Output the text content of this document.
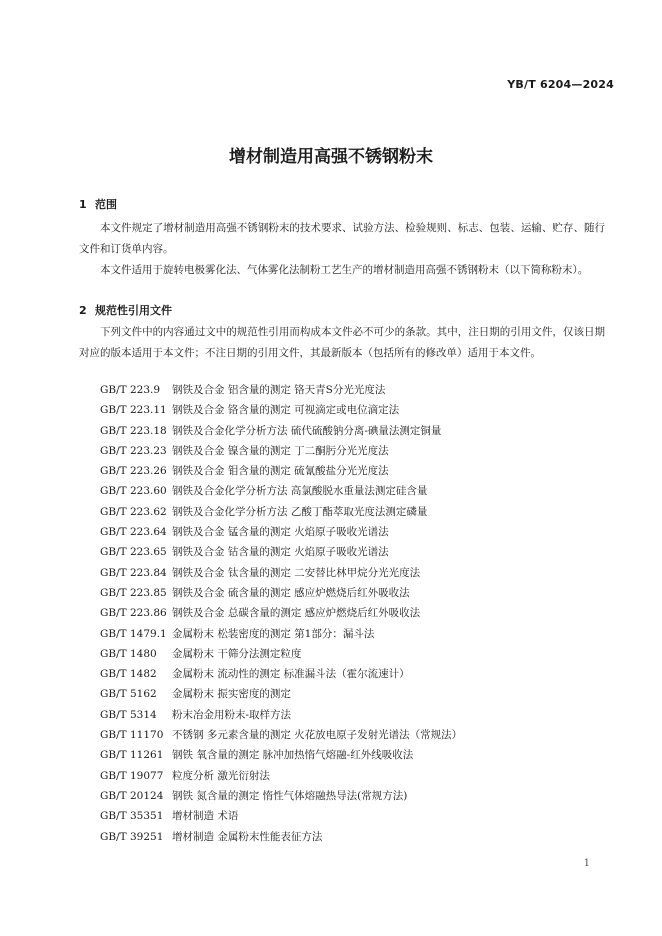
YB/T 6204—2024
增材制造用高强不锈钢粉末
1 范围
本文件规定了增材制造用高强不锈钢粉末的技术要求、试验方法、检验规则、标志、包装、运输、贮存、随行文件和订货单内容。
本文件适用于旋转电极雾化法、气体雾化法制粉工艺生产的增材制造用高强不锈钢粉末（以下简称粉末）。
2 规范性引用文件
下列文件中的内容通过文中的规范性引用而构成本文件必不可少的条款。其中，注日期的引用文件，仅该日期对应的版本适用于本文件；不注日期的引用文件，其最新版本（包括所有的修改单）适用于本文件。
GB/T 223.9 钢铁及合金 铝含量的测定 铬天青S分光光度法
GB/T 223.11 钢铁及合金 铬含量的测定 可视滴定或电位滴定法
GB/T 223.18 钢铁及合金化学分析方法 硫代硫酸钠分离-碘量法测定铜量
GB/T 223.23 钢铁及合金 镍含量的测定 丁二酮肟分光光度法
GB/T 223.26 钢铁及合金 钼含量的测定 硫氰酸盐分光光度法
GB/T 223.60 钢铁及合金化学分析方法 高氯酸脱水重量法测定硅含量
GB/T 223.62 钢铁及合金化学分析方法 乙酸丁酯萃取光度法测定磷量
GB/T 223.64 钢铁及合金 锰含量的测定 火焰原子吸收光谱法
GB/T 223.65 钢铁及合金 钴含量的测定 火焰原子吸收光谱法
GB/T 223.84 钢铁及合金 钛含量的测定 二安替比林甲烷分光光度法
GB/T 223.85 钢铁及合金 硫含量的测定 感应炉燃烧后红外吸收法
GB/T 223.86 钢铁及合金 总碳含量的测定 感应炉燃烧后红外吸收法
GB/T 1479.1 金属粉末 松装密度的测定 第1部分：漏斗法
GB/T 1480 金属粉末 干筛分法测定粒度
GB/T 1482 金属粉末 流动性的测定 标准漏斗法（霍尔流速计）
GB/T 5162 金属粉末 振实密度的测定
GB/T 5314 粉末冶金用粉末-取样方法
GB/T 11170 不锈钢 多元素含量的测定 火花放电原子发射光谱法（常规法）
GB/T 11261 钢铁 氧含量的测定 脉冲加热惰气熔融-红外线吸收法
GB/T 19077 粒度分析 激光衍射法
GB/T 20124 钢铁 氮含量的测定 惰性气体熔融热导法(常规方法)
GB/T 35351 增材制造 术语
GB/T 39251 增材制造 金属粉末性能表征方法
1
